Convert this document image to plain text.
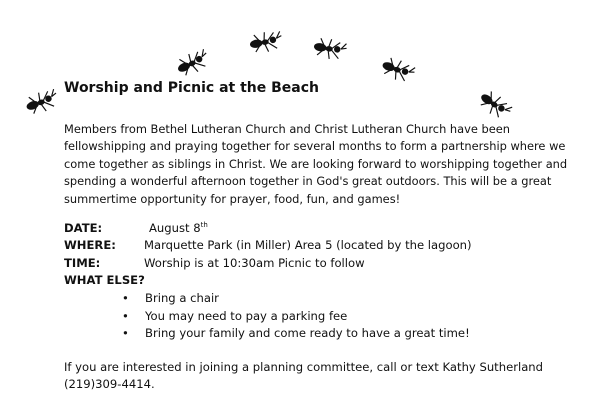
Worship and Picnic at the Beach

Members from Bethel Lutheran Church and Christ Lutheran Church have been fellowshipping and praying together for several months to form a partnership where we come together as siblings in Christ. We are looking forward to worshipping together and spending a wonderful afternoon together in God's great outdoors. This will be a great summertime opportunity for prayer, food, fun, and games!

DATE:	August 8th
WHERE: Marquette Park (in Miller) Area 5 (located by the lagoon)
TIME:	Worship is at 10:30am Picnic to follow
WHAT ELSE?
• Bring a chair
• You may need to pay a parking fee
• Bring your family and come ready to have a great time!

If you are interested in joining a planning committee, call or text Kathy Sutherland (219)309-4414.
